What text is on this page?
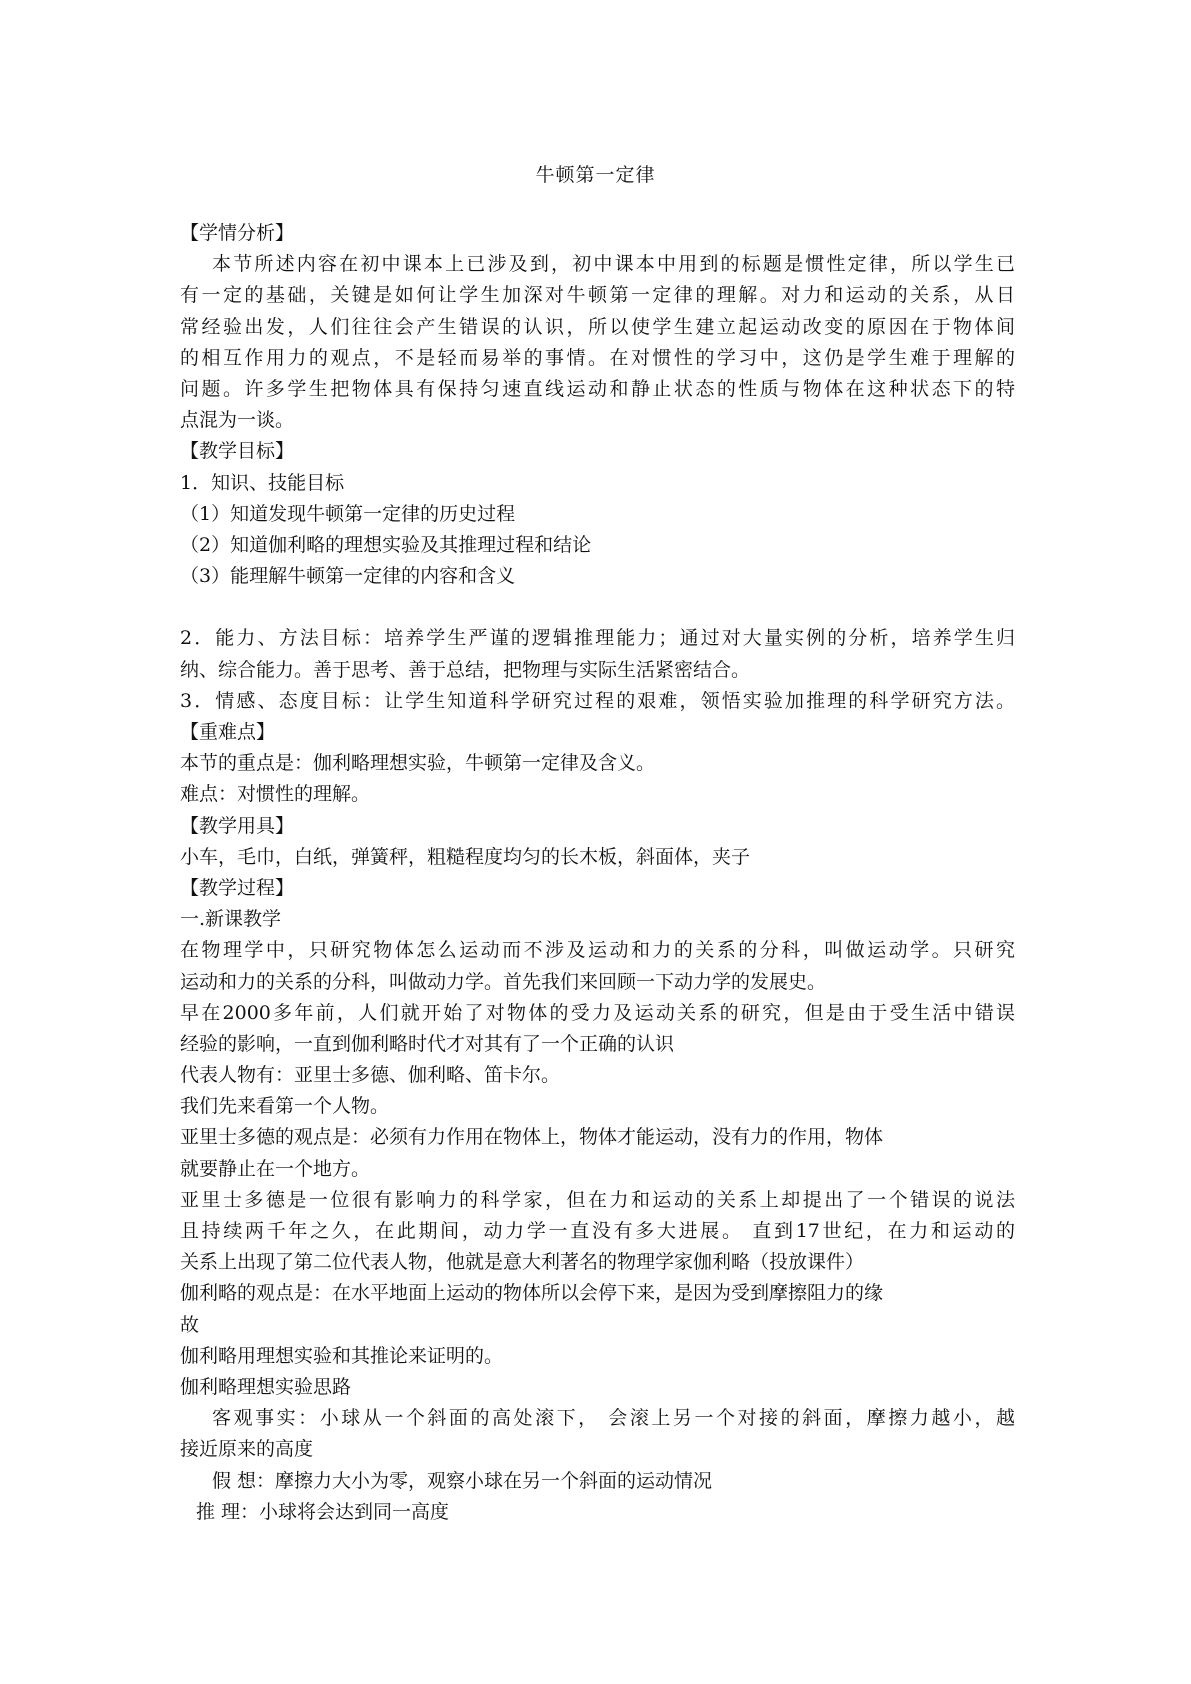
牛顿第一定律
【学情分析】
本节所述内容在初中课本上已涉及到，初中课本中用到的标题是惯性定律，所以学生已
有一定的基础，关键是如何让学生加深对牛顿第一定律的理解。对力和运动的关系，从日
常经验出发，人们往往会产生错误的认识，所以使学生建立起运动改变的原因在于物体间
的相互作用力的观点，不是轻而易举的事情。在对惯性的学习中，这仍是学生难于理解的
问题。许多学生把物体具有保持匀速直线运动和静止状态的性质与物体在这种状态下的特
点混为一谈。
【教学目标】
1．知识、技能目标
（1）知道发现牛顿第一定律的历史过程
（2）知道伽利略的理想实验及其推理过程和结论
（3）能理解牛顿第一定律的内容和含义
2．能力、方法目标：培养学生严谨的逻辑推理能力；通过对大量实例的分析，培养学生归
纳、综合能力。善于思考、善于总结，把物理与实际生活紧密结合。
3．情感、态度目标：让学生知道科学研究过程的艰难，领悟实验加推理的科学研究方法。
【重难点】
本节的重点是：伽利略理想实验，牛顿第一定律及含义。
难点：对惯性的理解。
【教学用具】
小车，毛巾，白纸，弹簧秤，粗糙程度均匀的长木板，斜面体，夹子
【教学过程】
一.新课教学
在物理学中，只研究物体怎么运动而不涉及运动和力的关系的分科，叫做运动学。只研究
运动和力的关系的分科，叫做动力学。首先我们来回顾一下动力学的发展史。
早在2000多年前，人们就开始了对物体的受力及运动关系的研究，但是由于受生活中错误
经验的影响，一直到伽利略时代才对其有了一个正确的认识
代表人物有：亚里士多德、伽利略、笛卡尔。
我们先来看第一个人物。
亚里士多德的观点是：必须有力作用在物体上，物体才能运动，没有力的作用，物体
就要静止在一个地方。
亚里士多德是一位很有影响力的科学家，但在力和运动的关系上却提出了一个错误的说法
且持续两千年之久，在此期间，动力学一直没有多大进展。 直到17世纪，在力和运动的
关系上出现了第二位代表人物，他就是意大利著名的物理学家伽利略（投放课件）
伽利略的观点是：在水平地面上运动的物体所以会停下来，是因为受到摩擦阻力的缘
故
伽利略用理想实验和其推论来证明的。
伽利略理想实验思路
客观事实：小球从一个斜面的高处滚下， 会滚上另一个对接的斜面，摩擦力越小，越
接近原来的高度
假 想：摩擦力大小为零，观察小球在另一个斜面的运动情况
推 理：小球将会达到同一高度
